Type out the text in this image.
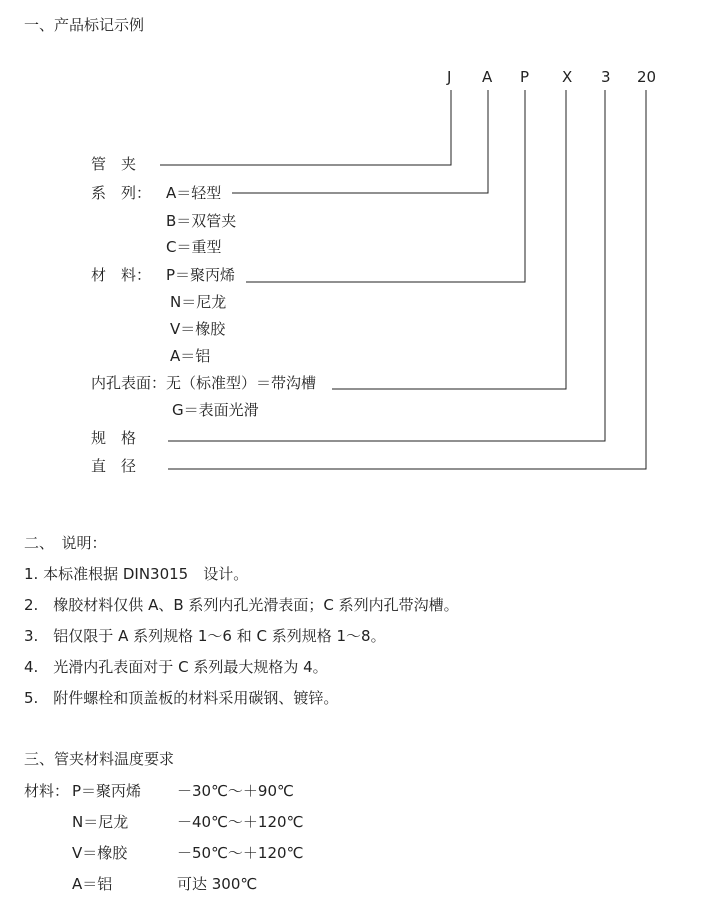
一、产品标记示例
J A P X 3 20
管　夹
系　列： A＝轻型
B＝双管夹
C＝重型
材　料： P＝聚丙烯
N＝尼龙
V＝橡胶
A＝铝
内孔表面： 无（标准型）＝带沟槽
G＝表面光滑
规　格
直　径
二、　说明：
1. 本标准根据 DIN3015　设计。
2.　橡胶材料仅供 A、B 系列内孔光滑表面；C 系列内孔带沟槽。
3.　铝仅限于 A 系列规格 1～6 和 C 系列规格 1～8。
4.　光滑内孔表面对于 C 系列最大规格为 4。
5.　附件螺栓和顶盖板的材料采用碳钢、镀锌。
三、管夹材料温度要求
材料： P＝聚丙烯 －30℃～＋90℃
N＝尼龙	－40℃～＋120℃
V＝橡胶	－50℃～＋120℃
A＝铝	可达 300℃
